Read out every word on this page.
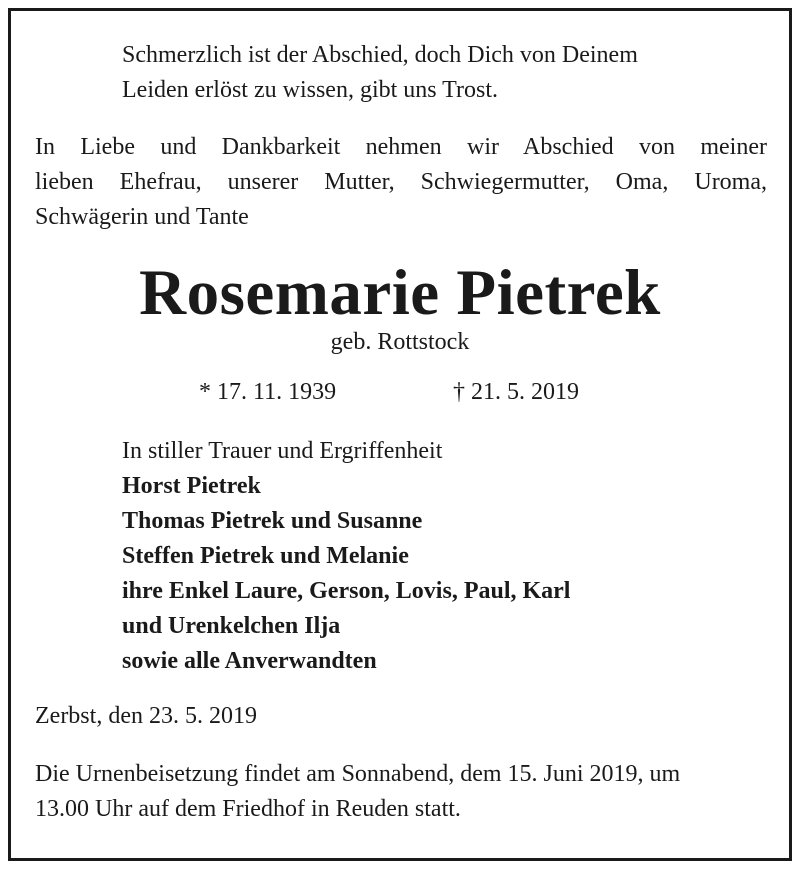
Schmerzlich ist der Abschied, doch Dich von Deinem
Leiden erlöst zu wissen, gibt uns Trost.
In Liebe und Dankbarkeit nehmen wir Abschied von meiner
lieben Ehefrau, unserer Mutter, Schwiegermutter, Oma, Uroma,
Schwägerin und Tante
Rosemarie Pietrek
geb. Rottstock
* 17. 11. 1939	† 21. 5. 2019
In stiller Trauer und Ergriffenheit
Horst Pietrek
Thomas Pietrek und Susanne
Steffen Pietrek und Melanie
ihre Enkel Laure, Gerson, Lovis, Paul, Karl
und Urenkelchen Ilja
sowie alle Anverwandten
Zerbst, den 23. 5. 2019
Die Urnenbeisetzung findet am Sonnabend, dem 15. Juni 2019, um
13.00 Uhr auf dem Friedhof in Reuden statt.
